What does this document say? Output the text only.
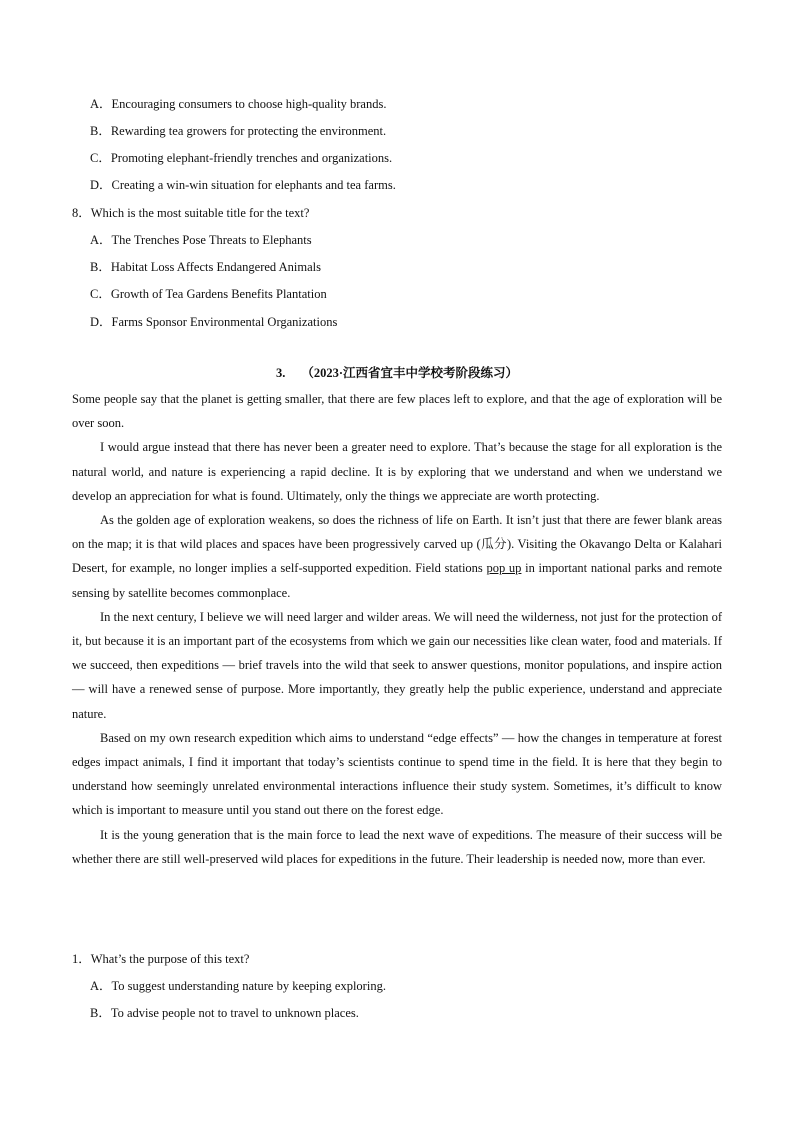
A．Encouraging consumers to choose high-quality brands.
B．Rewarding tea growers for protecting the environment.
C．Promoting elephant-friendly trenches and organizations.
D．Creating a win-win situation for elephants and tea farms.
8．Which is the most suitable title for the text?
A．The Trenches Pose Threats to Elephants
B．Habitat Loss Affects Endangered Animals
C．Growth of Tea Gardens Benefits Plantation
D．Farms Sponsor Environmental Organizations
3. （2023·江西省宜丰中学校考阶段练习）

Some people say that the planet is getting smaller, that there are few places left to explore, and that the age of exploration will be over soon.

I would argue instead that there has never been a greater need to explore. That’s because the stage for all exploration is the natural world, and nature is experiencing a rapid decline. It is by exploring that we understand and when we understand we develop an appreciation for what is found. Ultimately, only the things we appreciate are worth protecting.

As the golden age of exploration weakens, so does the richness of life on Earth. It isn’t just that there are fewer blank areas on the map; it is that wild places and spaces have been progressively carved up (瓜分). Visiting the Okavango Delta or Kalahari Desert, for example, no longer implies a self-supported expedition. Field stations pop up in important national parks and remote sensing by satellite becomes commonplace.

In the next century, I believe we will need larger and wilder areas. We will need the wilderness, not just for the protection of it, but because it is an important part of the ecosystems from which we gain our necessities like clean water, food and materials. If we succeed, then expeditions — brief travels into the wild that seek to answer questions, monitor populations, and inspire action — will have a renewed sense of purpose. More importantly, they greatly help the public experience, understand and appreciate nature.

Based on my own research expedition which aims to understand “edge effects” — how the changes in temperature at forest edges impact animals, I find it important that today’s scientists continue to spend time in the field. It is here that they begin to understand how seemingly unrelated environmental interactions influence their study system. Sometimes, it’s difficult to know which is important to measure until you stand out there on the forest edge.

It is the young generation that is the main force to lead the next wave of expeditions. The measure of their success will be whether there are still well-preserved wild places for expeditions in the future. Their leadership is needed now, more than ever.

1．What’s the purpose of this text?
A．To suggest understanding nature by keeping exploring.
B．To advise people not to travel to unknown places.
